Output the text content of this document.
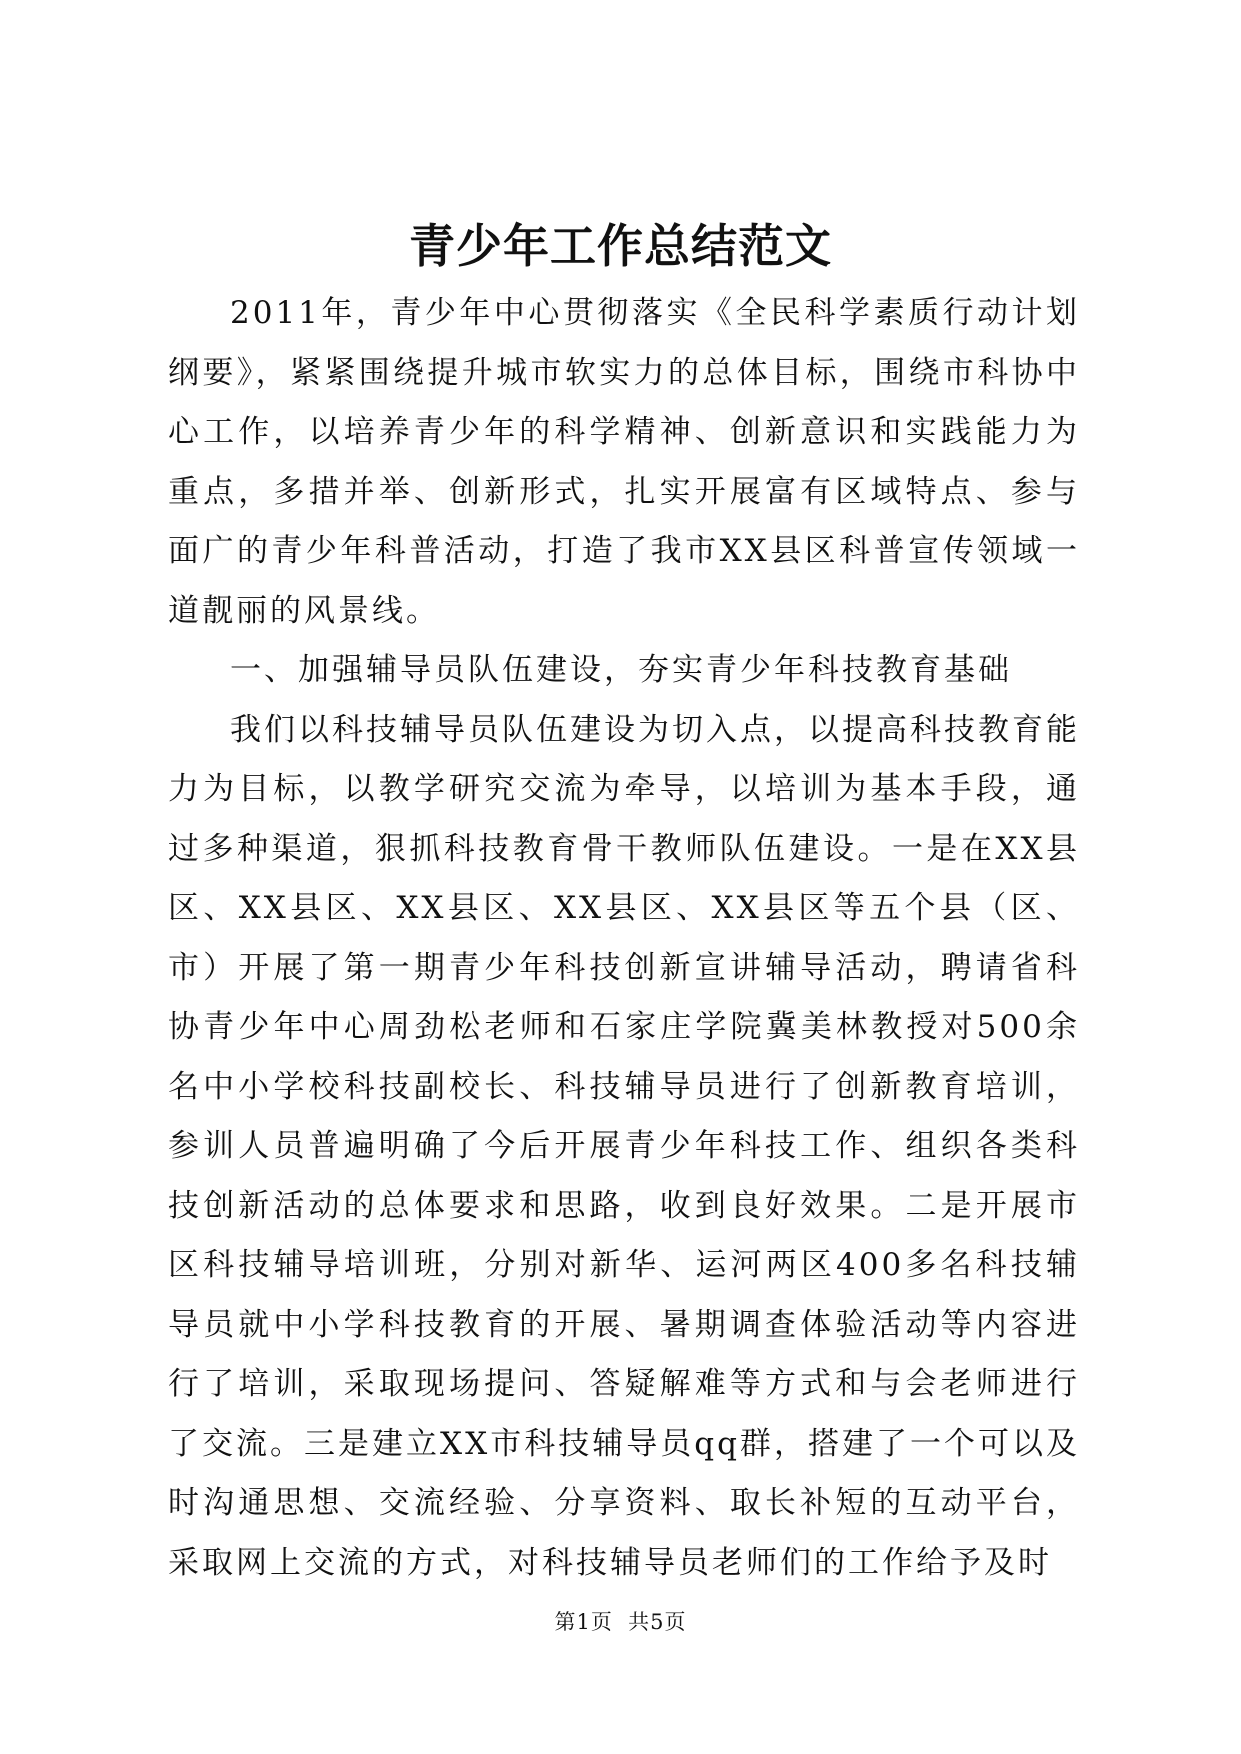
青少年工作总结范文

2011年，青少年中心贯彻落实《全民科学素质行动计划纲要》，紧紧围绕提升城市软实力的总体目标，围绕市科协中心工作，以培养青少年的科学精神、创新意识和实践能力为重点，多措并举、创新形式，扎实开展富有区域特点、参与面广的青少年科普活动，打造了我市XX县区科普宣传领域一道靓丽的风景线。

一、加强辅导员队伍建设，夯实青少年科技教育基础

我们以科技辅导员队伍建设为切入点，以提高科技教育能力为目标，以教学研究交流为牵导，以培训为基本手段，通过多种渠道，狠抓科技教育骨干教师队伍建设。一是在XX县区、XX县区、XX县区、XX县区、XX县区等五个县（区、市）开展了第一期青少年科技创新宣讲辅导活动，聘请省科协青少年中心周劲松老师和石家庄学院冀美林教授对500余名中小学校科技副校长、科技辅导员进行了创新教育培训，参训人员普遍明确了今后开展青少年科技工作、组织各类科技创新活动的总体要求和思路，收到良好效果。二是开展市区科技辅导培训班，分别对新华、运河两区400多名科技辅导员就中小学科技教育的开展、暑期调查体验活动等内容进行了培训，采取现场提问、答疑解难等方式和与会老师进行了交流。三是建立XX市科技辅导员qq群，搭建了一个可以及时沟通思想、交流经验、分享资料、取长补短的互动平台，采取网上交流的方式，对科技辅导员老师们的工作给予及时

第1页  共5页
